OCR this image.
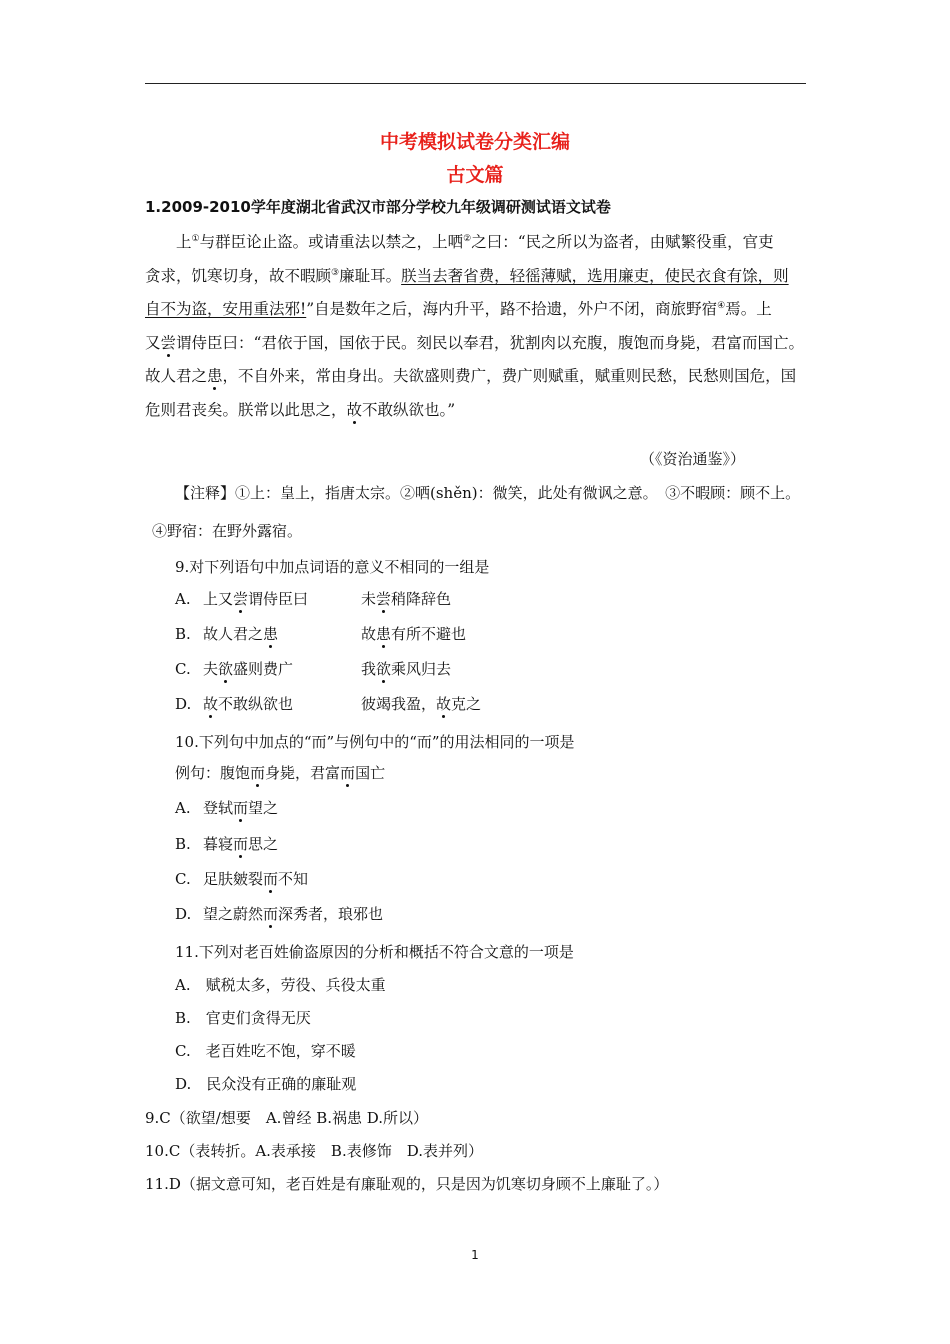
中考模拟试卷分类汇编
古文篇
1.2009-2010学年度湖北省武汉市部分学校九年级调研测试语文试卷
上①与群臣论止盗。或请重法以禁之，上哂②之曰：“民之所以为盗者，由赋繁役重，官吏
贪求，饥寒切身，故不暇顾③廉耻耳。朕当去奢省费，轻徭薄赋，选用廉吏，使民衣食有馀，则
自不为盗，安用重法邪!”自是数年之后，海内升平，路不拾遗，外户不闭，商旅野宿④焉。上
又尝谓侍臣曰：“君依于国，国依于民。刻民以奉君，犹割肉以充腹，腹饱而身毙，君富而国亡。
故人君之患，不自外来，常由身出。夫欲盛则费广，费广则赋重，赋重则民愁，民愁则国危，国
危则君丧矣。朕常以此思之，故不敢纵欲也。”
（《资治通鉴》）
【注释】①上：皇上，指唐太宗。②哂(shěn)：微笑，此处有微讽之意。　③不暇顾：顾不上。
④野宿：在野外露宿。
9.对下列语句中加点词语的意义不相同的一组是
A. 上又尝谓侍臣曰	未尝稍降辞色
B. 故人君之患	故患有所不避也
C. 夫欲盛则费广	我欲乘风归去
D. 故不敢纵欲也	彼竭我盈，故克之
10.下列句中加点的“而”与例句中的“而”的用法相同的一项是
例句：腹饱而身毙，君富而国亡
A. 登轼而望之
B. 暮寝而思之
C. 足肤皴裂而不知
D. 望之蔚然而深秀者，琅邪也
11.下列对老百姓偷盗原因的分析和概括不符合文意的一项是
A.　赋税太多，劳役、兵役太重
B.　官吏们贪得无厌
C.　老百姓吃不饱，穿不暖
D.　民众没有正确的廉耻观
9.C（欲望/想要　A.曾经 B.祸患 D.所以）
10.C（表转折。A.表承接　B.表修饰　D.表并列）
11.D（据文意可知，老百姓是有廉耻观的，只是因为饥寒切身顾不上廉耻了。）
1
